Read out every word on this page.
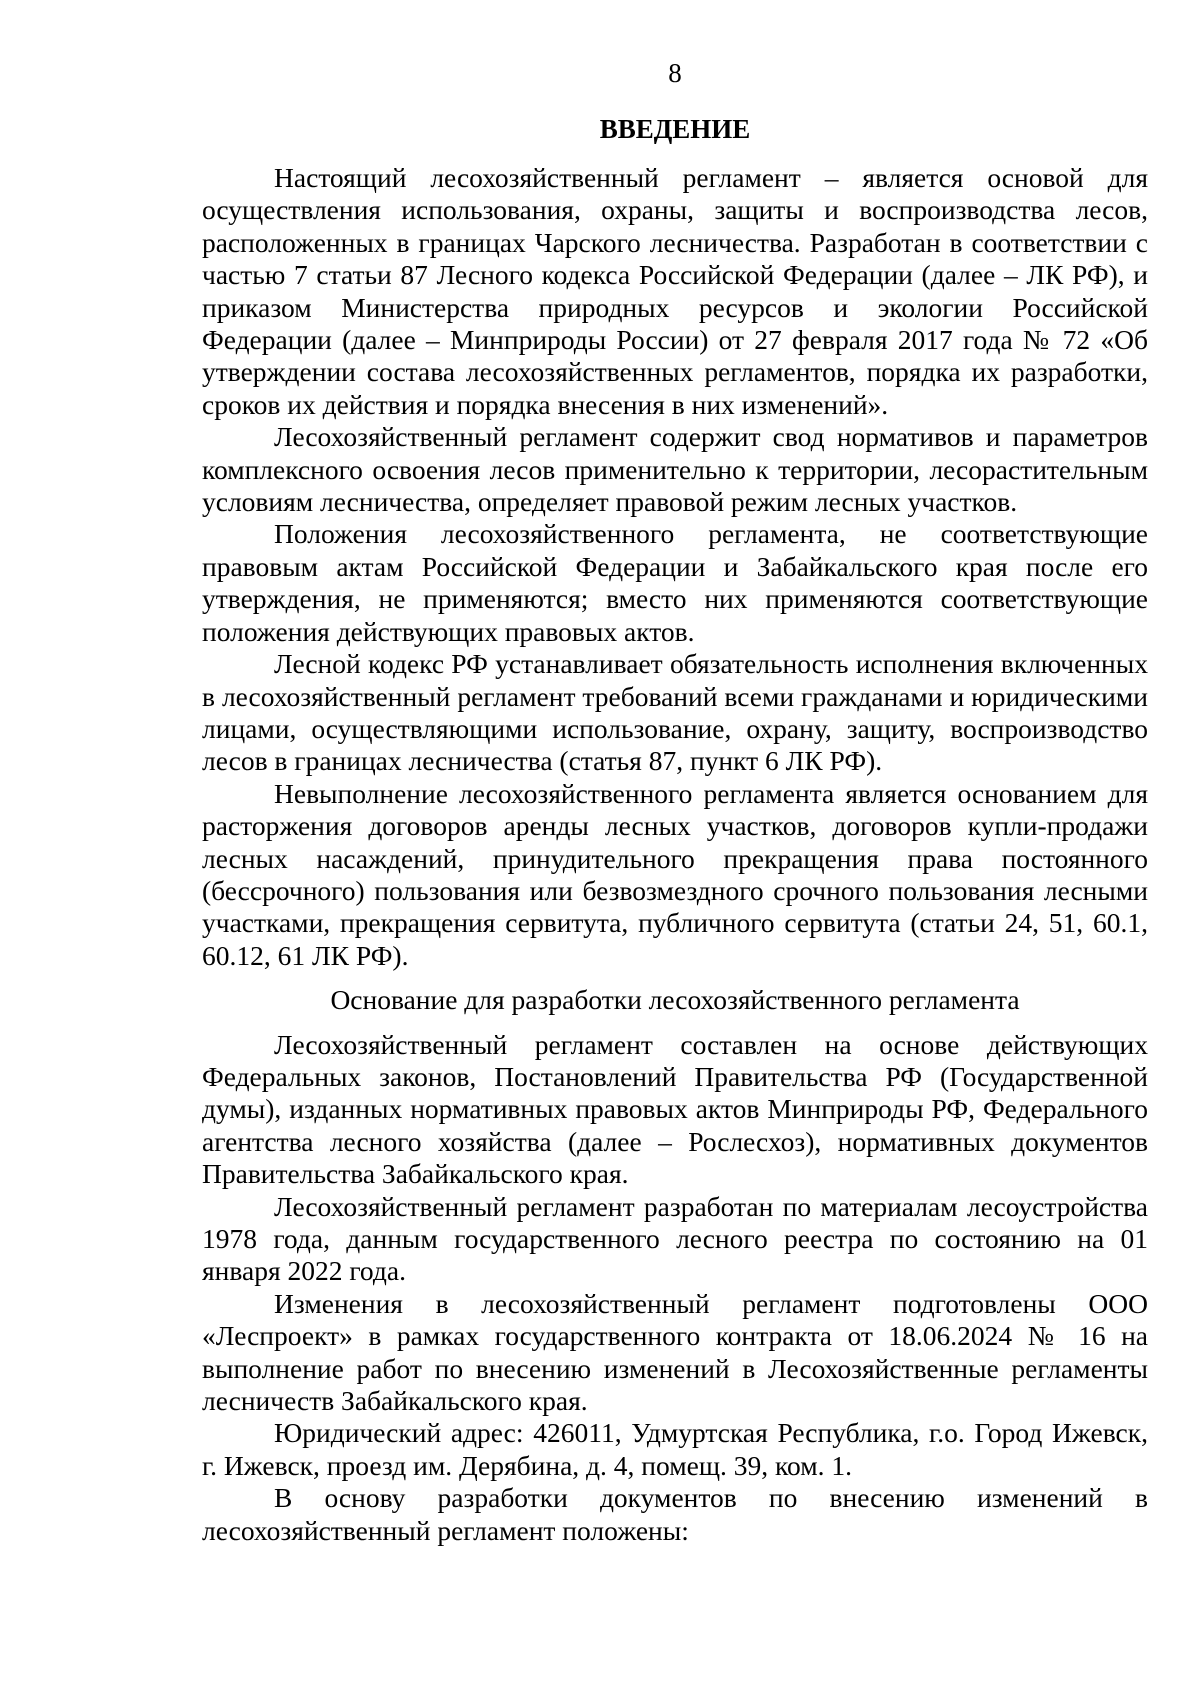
8
ВВЕДЕНИЕ

Настоящий лесохозяйственный регламент – является основой для осуществления использования, охраны, защиты и воспроизводства лесов, расположенных в границах Чарского лесничества. Разработан в соответствии с частью 7 статьи 87 Лесного кодекса Российской Федерации (далее – ЛК РФ), и приказом Министерства природных ресурсов и экологии Российской Федерации (далее – Минприроды России) от 27 февраля 2017 года № 72 «Об утверждении состава лесохозяйственных регламентов, порядка их разработки, сроков их действия и порядка внесения в них изменений».

Лесохозяйственный регламент содержит свод нормативов и параметров комплексного освоения лесов применительно к территории, лесорастительным условиям лесничества, определяет правовой режим лесных участков.

Положения лесохозяйственного регламента, не соответствующие правовым актам Российской Федерации и Забайкальского края после его утверждения, не применяются; вместо них применяются соответствующие положения действующих правовых актов.

Лесной кодекс РФ устанавливает обязательность исполнения включенных в лесохозяйственный регламент требований всеми гражданами и юридическими лицами, осуществляющими использование, охрану, защиту, воспроизводство лесов в границах лесничества (статья 87, пункт 6 ЛК РФ).

Невыполнение лесохозяйственного регламента является основанием для расторжения договоров аренды лесных участков, договоров купли-продажи лесных насаждений, принудительного прекращения права постоянного (бессрочного) пользования или безвозмездного срочного пользования лесными участками, прекращения сервитута, публичного сервитута (статьи 24, 51, 60.1, 60.12, 61 ЛК РФ).

Основание для разработки лесохозяйственного регламента

Лесохозяйственный регламент составлен на основе действующих Федеральных законов, Постановлений Правительства РФ (Государственной думы), изданных нормативных правовых актов Минприроды РФ, Федерального агентства лесного хозяйства (далее – Рослесхоз), нормативных документов Правительства Забайкальского края.

Лесохозяйственный регламент разработан по материалам лесоустройства 1978 года, данным государственного лесного реестра по состоянию на 01 января 2022 года.

Изменения в лесохозяйственный регламент подготовлены ООО «Леспроект» в рамках государственного контракта от 18.06.2024 № 16 на выполнение работ по внесению изменений в Лесохозяйственные регламенты лесничеств Забайкальского края.

Юридический адрес: 426011, Удмуртская Республика, г.о. Город Ижевск, г. Ижевск, проезд им. Дерябина, д. 4, помещ. 39, ком. 1.

В основу разработки документов по внесению изменений в лесохозяйственный регламент положены:
